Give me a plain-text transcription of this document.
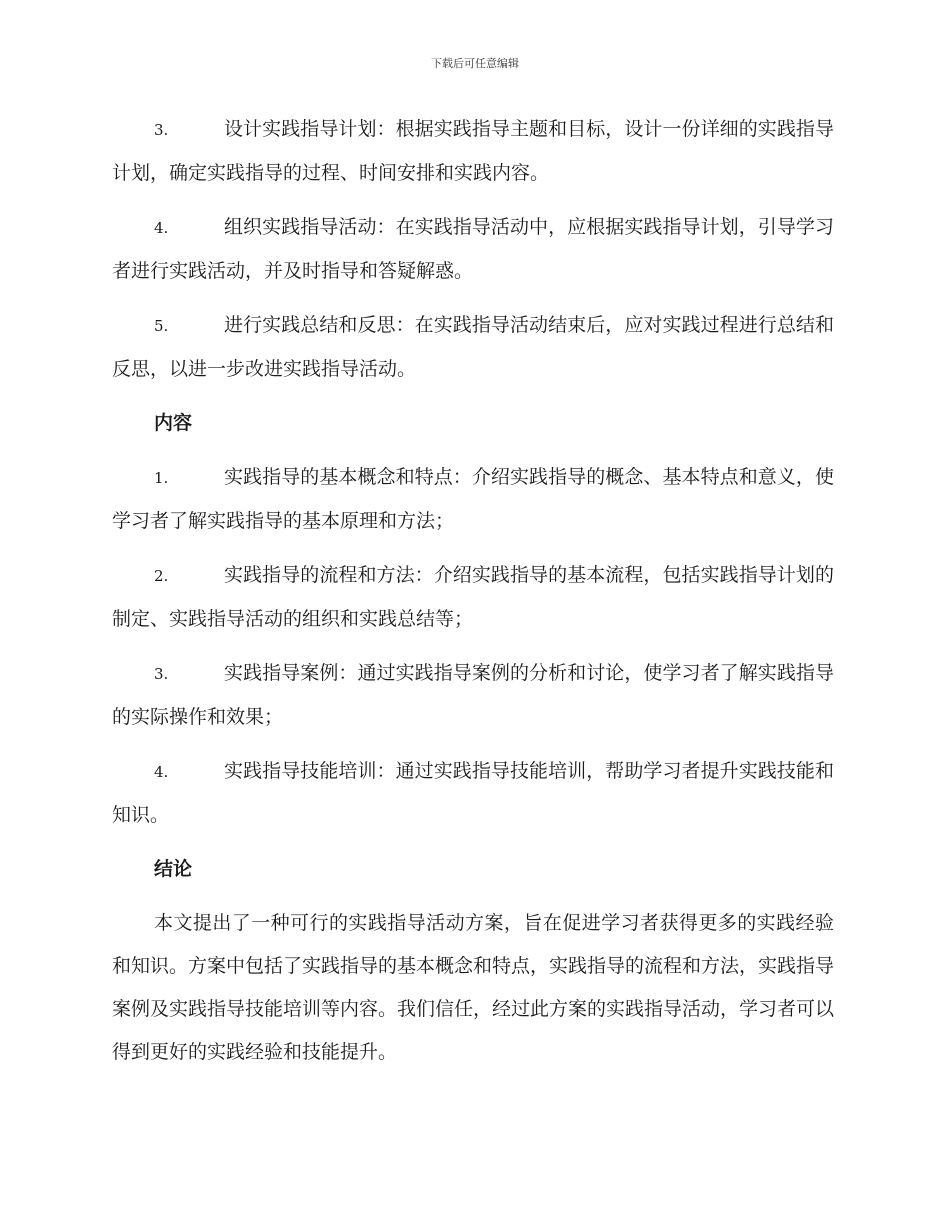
下载后可任意编辑

3.	设计实践指导计划：根据实践指导主题和目标，设计一份详细的实践指导计划，确定实践指导的过程、时间安排和实践内容。

4.	组织实践指导活动：在实践指导活动中，应根据实践指导计划，引导学习者进行实践活动，并及时指导和答疑解惑。

5.	进行实践总结和反思：在实践指导活动结束后，应对实践过程进行总结和反思，以进一步改进实践指导活动。

内容

1.	实践指导的基本概念和特点：介绍实践指导的概念、基本特点和意义，使学习者了解实践指导的基本原理和方法；

2.	实践指导的流程和方法：介绍实践指导的基本流程，包括实践指导计划的制定、实践指导活动的组织和实践总结等；

3.	实践指导案例：通过实践指导案例的分析和讨论，使学习者了解实践指导的实际操作和效果；

4.	实践指导技能培训：通过实践指导技能培训，帮助学习者提升实践技能和知识。

结论

本文提出了一种可行的实践指导活动方案，旨在促进学习者获得更多的实践经验和知识。方案中包括了实践指导的基本概念和特点，实践指导的流程和方法，实践指导案例及实践指导技能培训等内容。我们信任，经过此方案的实践指导活动，学习者可以得到更好的实践经验和技能提升。
